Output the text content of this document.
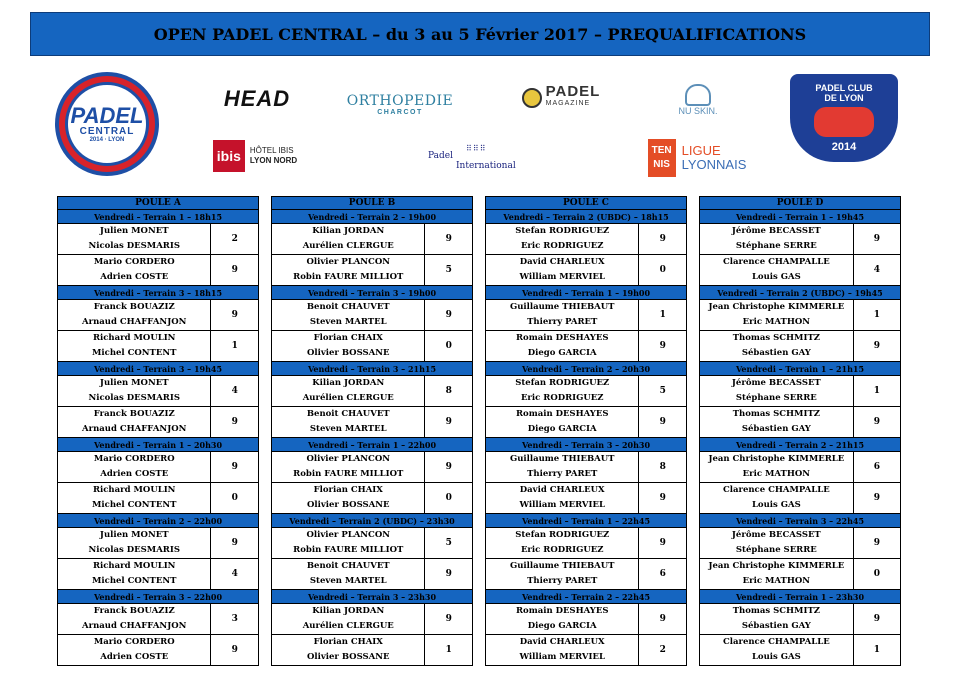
OPEN PADEL CENTRAL – du 3 au 5 Février 2017 – PREQUALIFICATIONS
PADEL
CENTRAL
2014 · LYON
HEAD	ORTHOPEDIE
CHARCOT
PADEL
MAGAZINE
NU SKIN.
PADEL CLUB
DE LYON
2014
ibis	HÔTEL IBIS
LYON NORD
⠿⠿⠿
Padel
International
TEN
NIS
LIGUE
LYONNAIS
POULE A	
Vendredi – Terrain 1 – 18h15	

Julien MONET
Nicolas DESMARIS	2

Mario CORDERO
Adrien COSTE	9
Vendredi – Terrain 3 – 18h15	

Franck BOUAZIZ
Arnaud CHAFFANJON	9

Richard MOULIN
Michel CONTENT	1
Vendredi – Terrain 3 – 19h45	

Julien MONET
Nicolas DESMARIS	4

Franck BOUAZIZ
Arnaud CHAFFANJON	9
Vendredi – Terrain 1 – 20h30	

Mario CORDERO
Adrien COSTE	9

Richard MOULIN
Michel CONTENT	0
Vendredi – Terrain 2 – 22h00	

Julien MONET
Nicolas DESMARIS	9

Richard MOULIN
Michel CONTENT	4
Vendredi – Terrain 3 – 22h00	

Franck BOUAZIZ
Arnaud CHAFFANJON	3

Mario CORDERO
Adrien COSTE	9
POULE B	
Vendredi – Terrain 2 – 19h00	

Kilian JORDAN
Aurélien CLERGUE	9

Olivier PLANCON
Robin FAURE MILLIOT	5
Vendredi – Terrain 3 – 19h00	

Benoit CHAUVET
Steven MARTEL	9

Florian CHAIX
Olivier BOSSANE	0
Vendredi – Terrain 3 – 21h15	

Kilian JORDAN
Aurélien CLERGUE	8

Benoit CHAUVET
Steven MARTEL	9
Vendredi – Terrain 1 – 22h00	

Olivier PLANCON
Robin FAURE MILLIOT	9

Florian CHAIX
Olivier BOSSANE	0
Vendredi – Terrain 2 (UBDC) – 23h30	

Olivier PLANCON
Robin FAURE MILLIOT	5

Benoit CHAUVET
Steven MARTEL	9
Vendredi – Terrain 3 – 23h30	

Kilian JORDAN
Aurélien CLERGUE	9

Florian CHAIX
Olivier BOSSANE	1
POULE C	
Vendredi – Terrain 2 (UBDC) – 18h15	

Stefan RODRIGUEZ
Eric RODRIGUEZ	9

David CHARLEUX
William MERVIEL	0
Vendredi – Terrain 1 – 19h00	

Guillaume THIEBAUT
Thierry PARET	1

Romain DESHAYES
Diego GARCIA	9
Vendredi – Terrain 2 – 20h30	

Stefan RODRIGUEZ
Eric RODRIGUEZ	5

Romain DESHAYES
Diego GARCIA	9
Vendredi – Terrain 3 – 20h30	

Guillaume THIEBAUT
Thierry PARET	8

David CHARLEUX
William MERVIEL	9
Vendredi – Terrain 1 – 22h45	

Stefan RODRIGUEZ
Eric RODRIGUEZ	9

Guillaume THIEBAUT
Thierry PARET	6
Vendredi – Terrain 2 – 22h45	

Romain DESHAYES
Diego GARCIA	9

David CHARLEUX
William MERVIEL	2
POULE D	
Vendredi – Terrain 1 – 19h45	

Jérôme BECASSET
Stéphane SERRE	9

Clarence CHAMPALLE
Louis GAS	4
Vendredi – Terrain 2 (UBDC) – 19h45	

Jean Christophe KIMMERLE
Eric MATHON	1

Thomas SCHMITZ
Sébastien GAY	9
Vendredi – Terrain 1 – 21h15	

Jérôme BECASSET
Stéphane SERRE	1

Thomas SCHMITZ
Sébastien GAY	9
Vendredi – Terrain 2 – 21h15	

Jean Christophe KIMMERLE
Eric MATHON	6

Clarence CHAMPALLE
Louis GAS	9
Vendredi – Terrain 3 – 22h45	

Jérôme BECASSET
Stéphane SERRE	9

Jean Christophe KIMMERLE
Eric MATHON	0
Vendredi – Terrain 1 – 23h30	

Thomas SCHMITZ
Sébastien GAY	9

Clarence CHAMPALLE
Louis GAS	1
